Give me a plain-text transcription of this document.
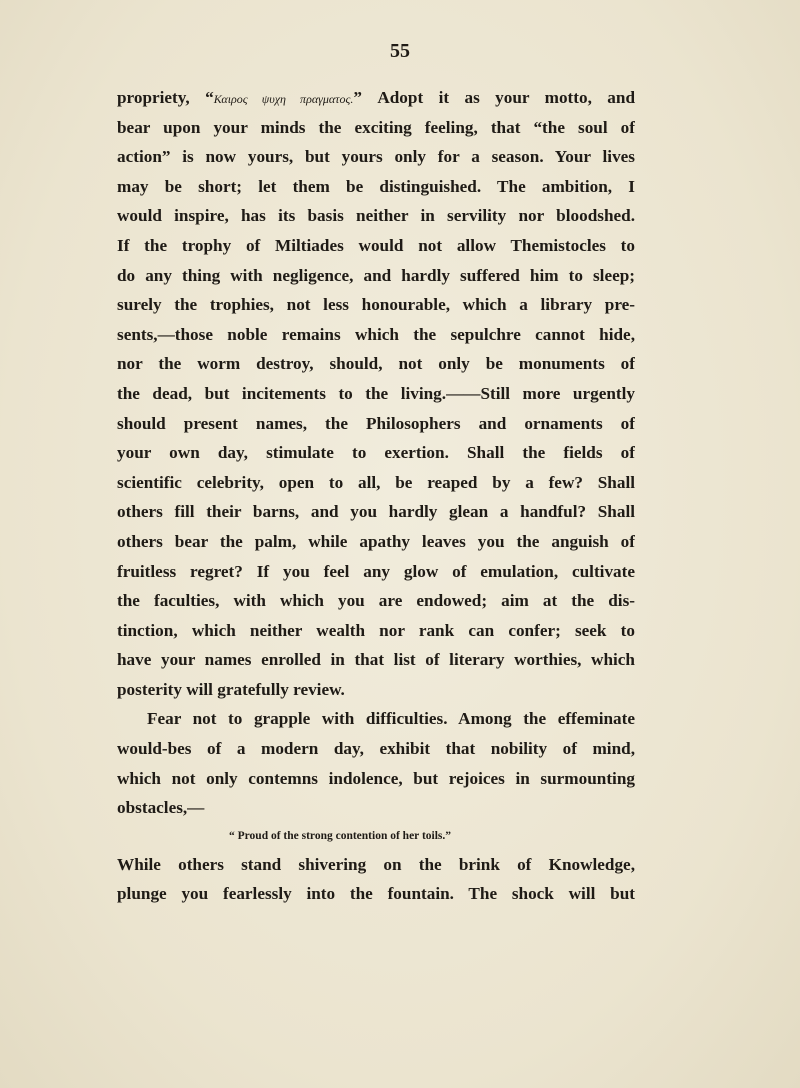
55
propriety, “Καιρος ψυχη πραγματος.” Adopt it as your motto, and
bear upon your minds the exciting feeling, that “the soul of
action” is now yours, but yours only for a season. Your lives
may be short; let them be distinguished. The ambition, I
would inspire, has its basis neither in servility nor bloodshed.
If the trophy of Miltiades would not allow Themistocles to
do any thing with negligence, and hardly suffered him to sleep;
surely the trophies, not less honourable, which a library pre-
sents,—those noble remains which the sepulchre cannot hide,
nor the worm destroy, should, not only be monuments of
the dead, but incitements to the living.——Still more urgently
should present names, the Philosophers and ornaments of
your own day, stimulate to exertion. Shall the fields of
scientific celebrity, open to all, be reaped by a few? Shall
others fill their barns, and you hardly glean a handful? Shall
others bear the palm, while apathy leaves you the anguish of
fruitless regret? If you feel any glow of emulation, cultivate
the faculties, with which you are endowed; aim at the dis-
tinction, which neither wealth nor rank can confer; seek to
have your names enrolled in that list of literary worthies, which
posterity will gratefully review.
Fear not to grapple with difficulties. Among the effeminate
would-bes of a modern day, exhibit that nobility of mind,
which not only contemns indolence, but rejoices in surmounting
obstacles,—
“ Proud of the strong contention of her toils.”
While others stand shivering on the brink of Knowledge,
plunge you fearlessly into the fountain. The shock will but
